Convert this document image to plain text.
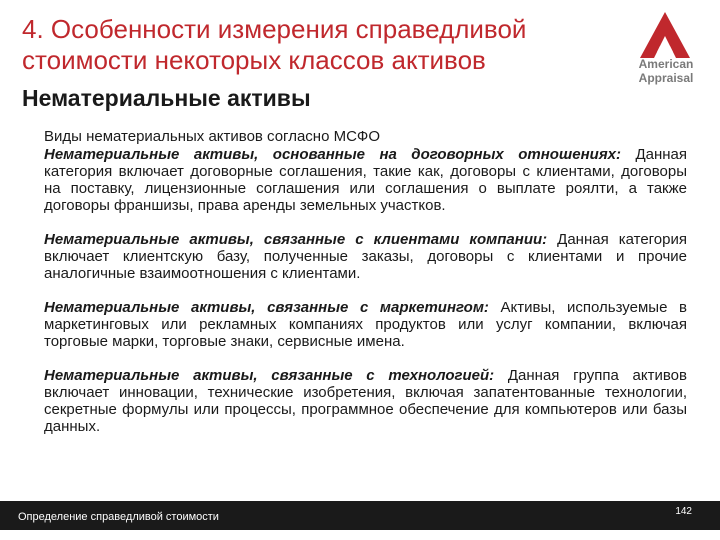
4. Особенности измерения справедливой стоимости некоторых классов активов
Нематериальные активы
American
Appraisal

Виды нематериальных активов согласно МСФО

Нематериальные активы, основанные на договорных отношениях: Данная категория включает договорные соглашения, такие как, договоры с клиентами, договоры на поставку, лицензионные соглашения или соглашения о выплате роялти, а также договоры франшизы, права аренды земельных участков.

Нематериальные активы, связанные с клиентами компании: Данная категория включает клиентскую базу, полученные заказы, договоры с клиентами и прочие аналогичные взаимоотношения с клиентами.

Нематериальные активы, связанные с маркетингом: Активы, используемые в маркетинговых или рекламных компаниях продуктов или услуг компании, включая торговые марки, торговые знаки, сервисные имена.

Нематериальные активы, связанные с технологией: Данная группа активов включает инновации, технические изобретения, включая запатентованные технологии, секретные формулы или процессы, программное обеспечение для компьютеров или базы данных.

Определение справедливой стоимости	142
